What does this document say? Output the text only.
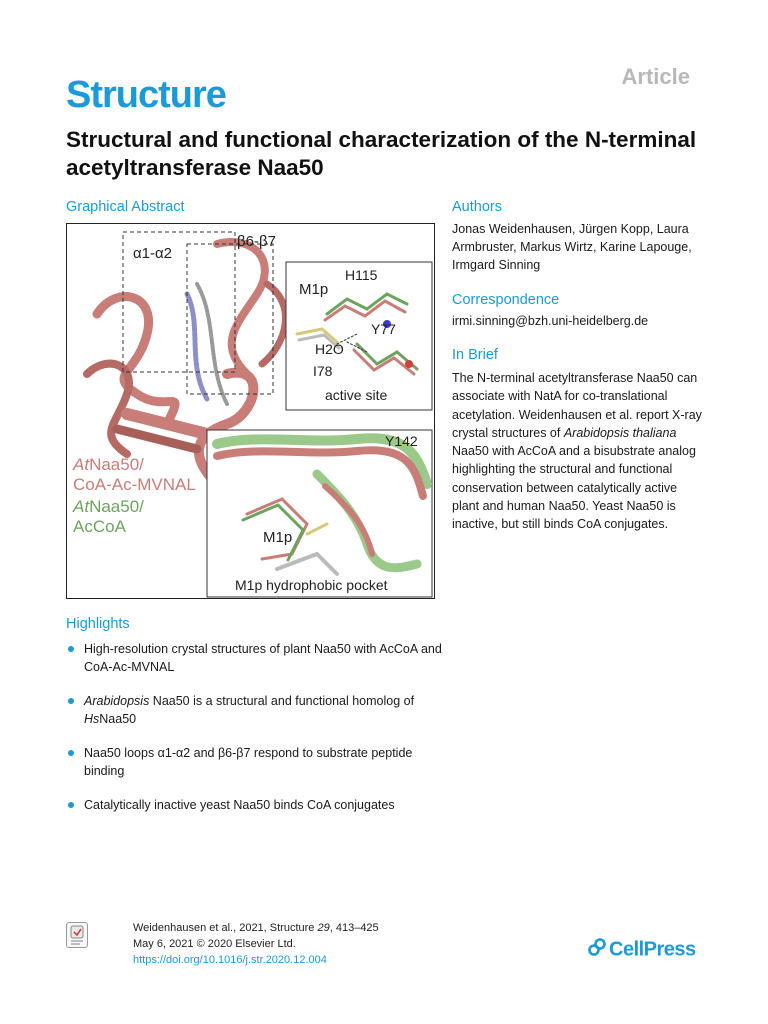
Structure	Article
Structural and functional characterization of the N-terminal acetyltransferase Naa50
Graphical Abstract
α1-α2
β6-β7
M1p
H115
Y77
H2O
I78
active site
Y142
M1p
M1p hydrophobic pocket
AtNaa50/
CoA-Ac-MVNAL
AtNaa50/
AcCoA
Authors
Jonas Weidenhausen, Jürgen Kopp, Laura Armbruster, Markus Wirtz, Karine Lapouge, Irmgard Sinning
Correspondence
irmi.sinning@bzh.uni-heidelberg.de
In Brief
The N-terminal acetyltransferase Naa50 can associate with NatA for co-translational acetylation. Weidenhausen et al. report X-ray crystal structures of Arabidopsis thaliana Naa50 with AcCoA and a bisubstrate analog highlighting the structural and functional conservation between catalytically active plant and human Naa50. Yeast Naa50 is inactive, but still binds CoA conjugates.
Highlights
High-resolution crystal structures of plant Naa50 with AcCoA and CoA-Ac-MVNAL
Arabidopsis Naa50 is a structural and functional homolog of HsNaa50
Naa50 loops α1-α2 and β6-β7 respond to substrate peptide binding
Catalytically inactive yeast Naa50 binds CoA conjugates
Weidenhausen et al., 2021, Structure 29, 413–425
May 6, 2021 © 2020 Elsevier Ltd.
https://doi.org/10.1016/j.str.2020.12.004	CellPress
